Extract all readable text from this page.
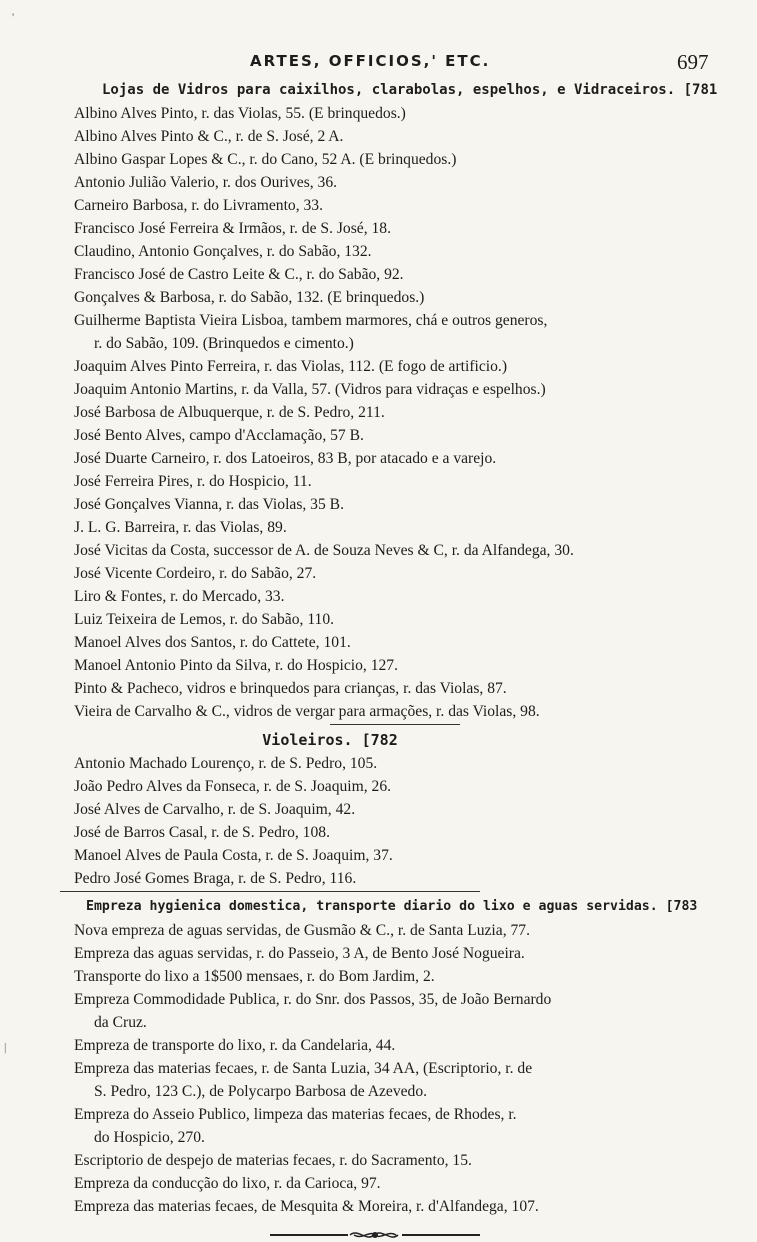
ARTES, OFFICIOS,' ETC.	697
'
|
Lojas de Vidros para caixilhos, clarabolas, espelhos, e Vidraceiros. [781
Albino Alves Pinto, r. das Violas, 55. (E brinquedos.)
Albino Alves Pinto & C., r. de S. José, 2 A.
Albino Gaspar Lopes & C., r. do Cano, 52 A. (E brinquedos.)
Antonio Julião Valerio, r. dos Ourives, 36.
Carneiro Barbosa, r. do Livramento, 33.
Francisco José Ferreira & Irmãos, r. de S. José, 18.
Claudino, Antonio Gonçalves, r. do Sabão, 132.
Francisco José de Castro Leite & C., r. do Sabão, 92.
Gonçalves & Barbosa, r. do Sabão, 132. (E brinquedos.)
Guilherme Baptista Vieira Lisboa, tambem marmores, chá e outros generos,
r. do Sabão, 109. (Brinquedos e cimento.)
Joaquim Alves Pinto Ferreira, r. das Violas, 112. (E fogo de artificio.)
Joaquim Antonio Martins, r. da Valla, 57. (Vidros para vidraças e espelhos.)
José Barbosa de Albuquerque, r. de S. Pedro, 211.
José Bento Alves, campo d'Acclamação, 57 B.
José Duarte Carneiro, r. dos Latoeiros, 83 B, por atacado e a varejo.
José Ferreira Pires, r. do Hospicio, 11.
José Gonçalves Vianna, r. das Violas, 35 B.
J. L. G. Barreira, r. das Violas, 89.
José Vicitas da Costa, successor de A. de Souza Neves & C, r. da Alfandega, 30.
José Vicente Cordeiro, r. do Sabão, 27.
Liro & Fontes, r. do Mercado, 33.
Luiz Teixeira de Lemos, r. do Sabão, 110.
Manoel Alves dos Santos, r. do Cattete, 101.
Manoel Antonio Pinto da Silva, r. do Hospicio, 127.
Pinto & Pacheco, vidros e brinquedos para crianças, r. das Violas, 87.
Vieira de Carvalho & C., vidros de vergar para armações, r. das Violas, 98.
Violeiros. [782
Antonio Machado Lourenço, r. de S. Pedro, 105.
João Pedro Alves da Fonseca, r. de S. Joaquim, 26.
José Alves de Carvalho, r. de S. Joaquim, 42.
José de Barros Casal, r. de S. Pedro, 108.
Manoel Alves de Paula Costa, r. de S. Joaquim, 37.
Pedro José Gomes Braga, r. de S. Pedro, 116.
Empreza hygienica domestica, transporte diario do lixo e aguas servidas. [783
Nova empreza de aguas servidas, de Gusmão & C., r. de Santa Luzia, 77.
Empreza das aguas servidas, r. do Passeio, 3 A, de Bento José Nogueira.
Transporte do lixo a 1$500 mensaes, r. do Bom Jardim, 2.
Empreza Commodidade Publica, r. do Snr. dos Passos, 35, de João Bernardo
da Cruz.
Empreza de transporte do lixo, r. da Candelaria, 44.
Empreza das materias fecaes, r. de Santa Luzia, 34 AA, (Escriptorio, r. de
S. Pedro, 123 C.), de Polycarpo Barbosa de Azevedo.
Empreza do Asseio Publico, limpeza das materias fecaes, de Rhodes, r.
do Hospicio, 270.
Escriptorio de despejo de materias fecaes, r. do Sacramento, 15.
Empreza da conducção do lixo, r. da Carioca, 97.
Empreza das materias fecaes, de Mesquita & Moreira, r. d'Alfandega, 107.
